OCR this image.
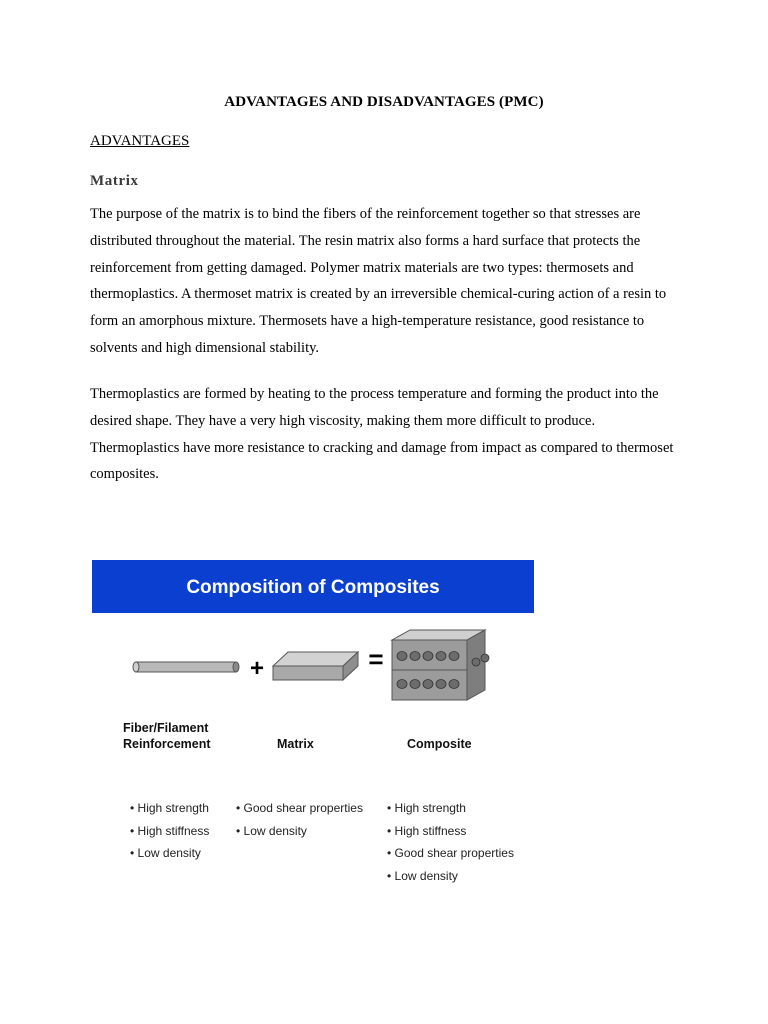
ADVANTAGES AND DISADVANTAGES (PMC)
ADVANTAGES
Matrix

The purpose of the matrix is to bind the fibers of the reinforcement together so that stresses are distributed throughout the material. The resin matrix also forms a hard surface that protects the reinforcement from getting damaged. Polymer matrix materials are two types: thermosets and thermoplastics. A thermoset matrix is created by an irreversible chemical-curing action of a resin to form an amorphous mixture. Thermosets have a high-temperature resistance, good resistance to solvents and high dimensional stability.

Thermoplastics are formed by heating to the process temperature and forming the product into the desired shape. They have a very high viscosity, making them more difficult to produce. Thermoplastics have more resistance to cracking and damage from impact as compared to thermoset composites.

Composition of Composites
+	=
Fiber/Filament
Reinforcement	Matrix	Composite
• High strength
• High stiffness
• Low density
• Good shear properties
• Low density
• High strength
• High stiffness
• Good shear properties
• Low density
